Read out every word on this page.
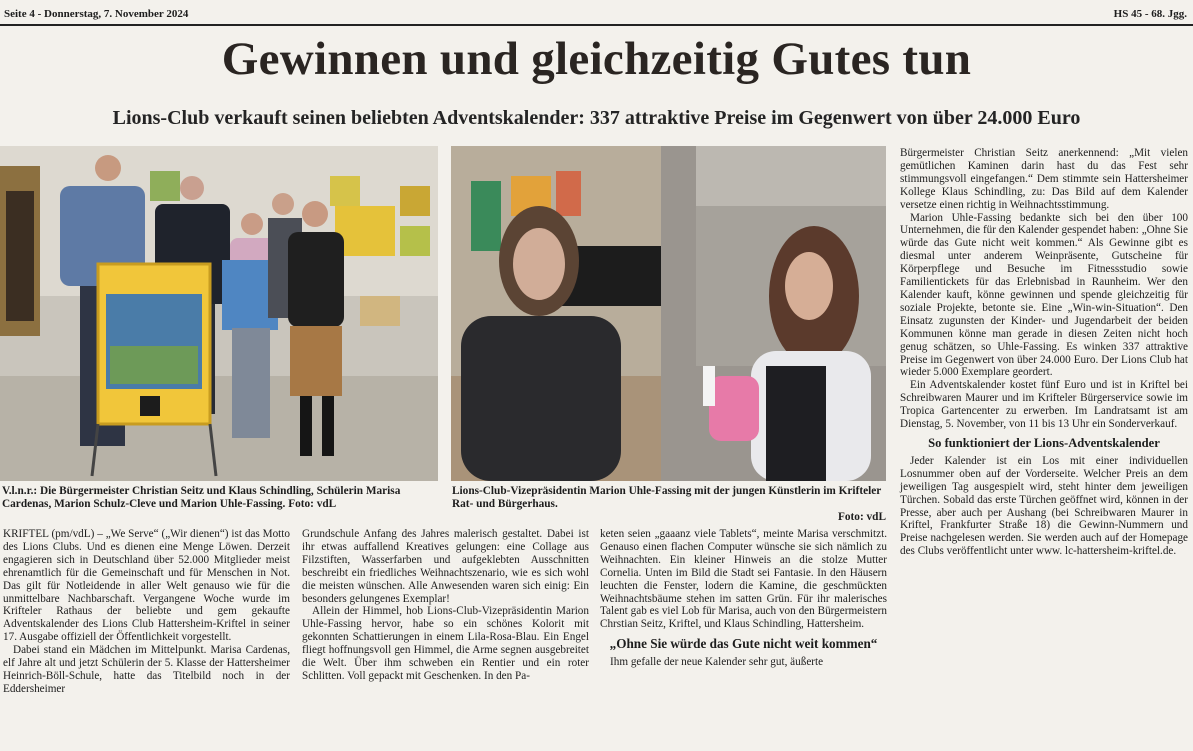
Seite 4 - Donnerstag, 7. November 2024	HS 45 - 68. Jgg.
Gewinnen und gleichzeitig Gutes tun
Lions-Club verkauft seinen beliebten Adventskalender: 337 attraktive Preise im Gegenwert von über 24.000 Euro
V.l.n.r.: Die Bürgermeister Christian Seitz und Klaus Schindling, Schülerin Marisa Cardenas, Marion Schulz-Cleve und Marion Uhle-Fassing. Foto: vdL
Lions-Club-Vizepräsidentin Marion Uhle-Fassing mit der jungen Künstlerin im Krifteler Rat- und Bürgerhaus.
Foto: vdL

KRIFTEL (pm/vdL) – „We Serve“ („Wir dienen“) ist das Motto des Lions Clubs. Und es dienen eine Menge Löwen. Derzeit engagieren sich in Deutschland über 52.000 Mitglieder meist ehrenamtlich für die Gemeinschaft und für Menschen in Not. Das gilt für Notleidende in aller Welt genauso wie für die unmittelbare Nachbarschaft. Vergangene Woche wurde im Krifteler Rathaus der beliebte und gem gekaufte Adventskalender des Lions Club Hattersheim-Kriftel in seiner 17. Ausgabe offiziell der Öffentlichkeit vorgestellt.

Dabei stand ein Mädchen im Mittelpunkt. Marisa Cardenas, elf Jahre alt und jetzt Schülerin der 5. Klasse der Hattersheimer Heinrich-Böll-Schule, hatte das Titelbild noch in der Eddersheimer

Grundschule Anfang des Jahres malerisch gestaltet. Dabei ist ihr etwas auffallend Kreatives gelungen: eine Collage aus Filzstiften, Wasserfarben und aufgeklebten Ausschnitten beschreibt ein friedliches Weihnachtszenario, wie es sich wohl die meisten wünschen. Alle Anwesenden waren sich einig: Ein besonders gelungenes Exemplar!

Allein der Himmel, hob Lions-Club-Vizepräsidentin Marion Uhle-Fassing hervor, habe so ein schönes Kolorit mit gekonnten Schattierungen in einem Lila-Rosa-Blau. Ein Engel fliegt hoffnungsvoll gen Himmel, die Arme segnen ausgebreitet die Welt. Über ihm schweben ein Rentier und ein roter Schlitten. Voll gepackt mit Geschenken. In den Pa-

keten seien „gaaanz viele Tablets“, meinte Marisa verschmitzt. Genauso einen flachen Computer wünsche sie sich nämlich zu Weihnachten. Ein kleiner Hinweis an die stolze Mutter Cornelia. Unten im Bild die Stadt sei Fantasie. In den Häusern leuchten die Fenster, lodern die Kamine, die geschmückten Weihnachtsbäume stehen im satten Grün. Für ihr malerisches Talent gab es viel Lob für Marisa, auch von den Bürgermeistern Chrstian Seitz, Kriftel, und Klaus Schindling, Hattersheim.

„Ohne Sie würde das Gute nicht weit kommen“

Ihm gefalle der neue Kalender sehr gut, äußerte

Bürgermeister Christian Seitz anerkennend: „Mit vielen gemütlichen Kaminen darin hast du das Fest sehr stimmungsvoll eingefangen.“ Dem stimmte sein Hattersheimer Kollege Klaus Schindling, zu: Das Bild auf dem Kalender versetze einen richtig in Weihnachtsstimmung.

Marion Uhle-Fassing bedankte sich bei den über 100 Unternehmen, die für den Kalender gespendet haben: „Ohne Sie würde das Gute nicht weit kommen.“ Als Gewinne gibt es diesmal unter anderem Weinpräsente, Gutscheine für Körperpflege und Besuche im Fitnessstudio sowie Familientickets für das Erlebnisbad in Raunheim. Wer den Kalender kauft, könne gewinnen und spende gleichzeitig für soziale Projekte, betonte sie. Eine „Win-win-Situation“. Den Einsatz zugunsten der Kinder- und Jugendarbeit der beiden Kommunen könne man gerade in diesen Zeiten nicht hoch genug schätzen, so Uhle-Fassing. Es winken 337 attraktive Preise im Gegenwert von über 24.000 Euro. Der Lions Club hat wieder 5.000 Exemplare geordert.

Ein Adventskalender kostet fünf Euro und ist in Kriftel bei Schreibwaren Maurer und im Krifteler Bürgerservice sowie im Tropica Gartencenter zu erwerben. Im Landratsamt ist am Dienstag, 5. November, von 11 bis 13 Uhr ein Sonderverkauf.

So funktioniert der Lions-Adventskalender

Jeder Kalender ist ein Los mit einer individuellen Losnummer oben auf der Vorderseite. Welcher Preis an dem jeweiligen Tag ausgespielt wird, steht hinter dem jeweiligen Türchen. Sobald das erste Türchen geöffnet wird, können in der Presse, aber auch per Aushang (bei Schreibwaren Maurer in Kriftel, Frankfurter Straße 18) die Gewinn-Nummern und Preise nachgelesen werden. Sie werden auch auf der Homepage des Clubs veröffentlicht unter www. lc-hattersheim-kriftel.de.
